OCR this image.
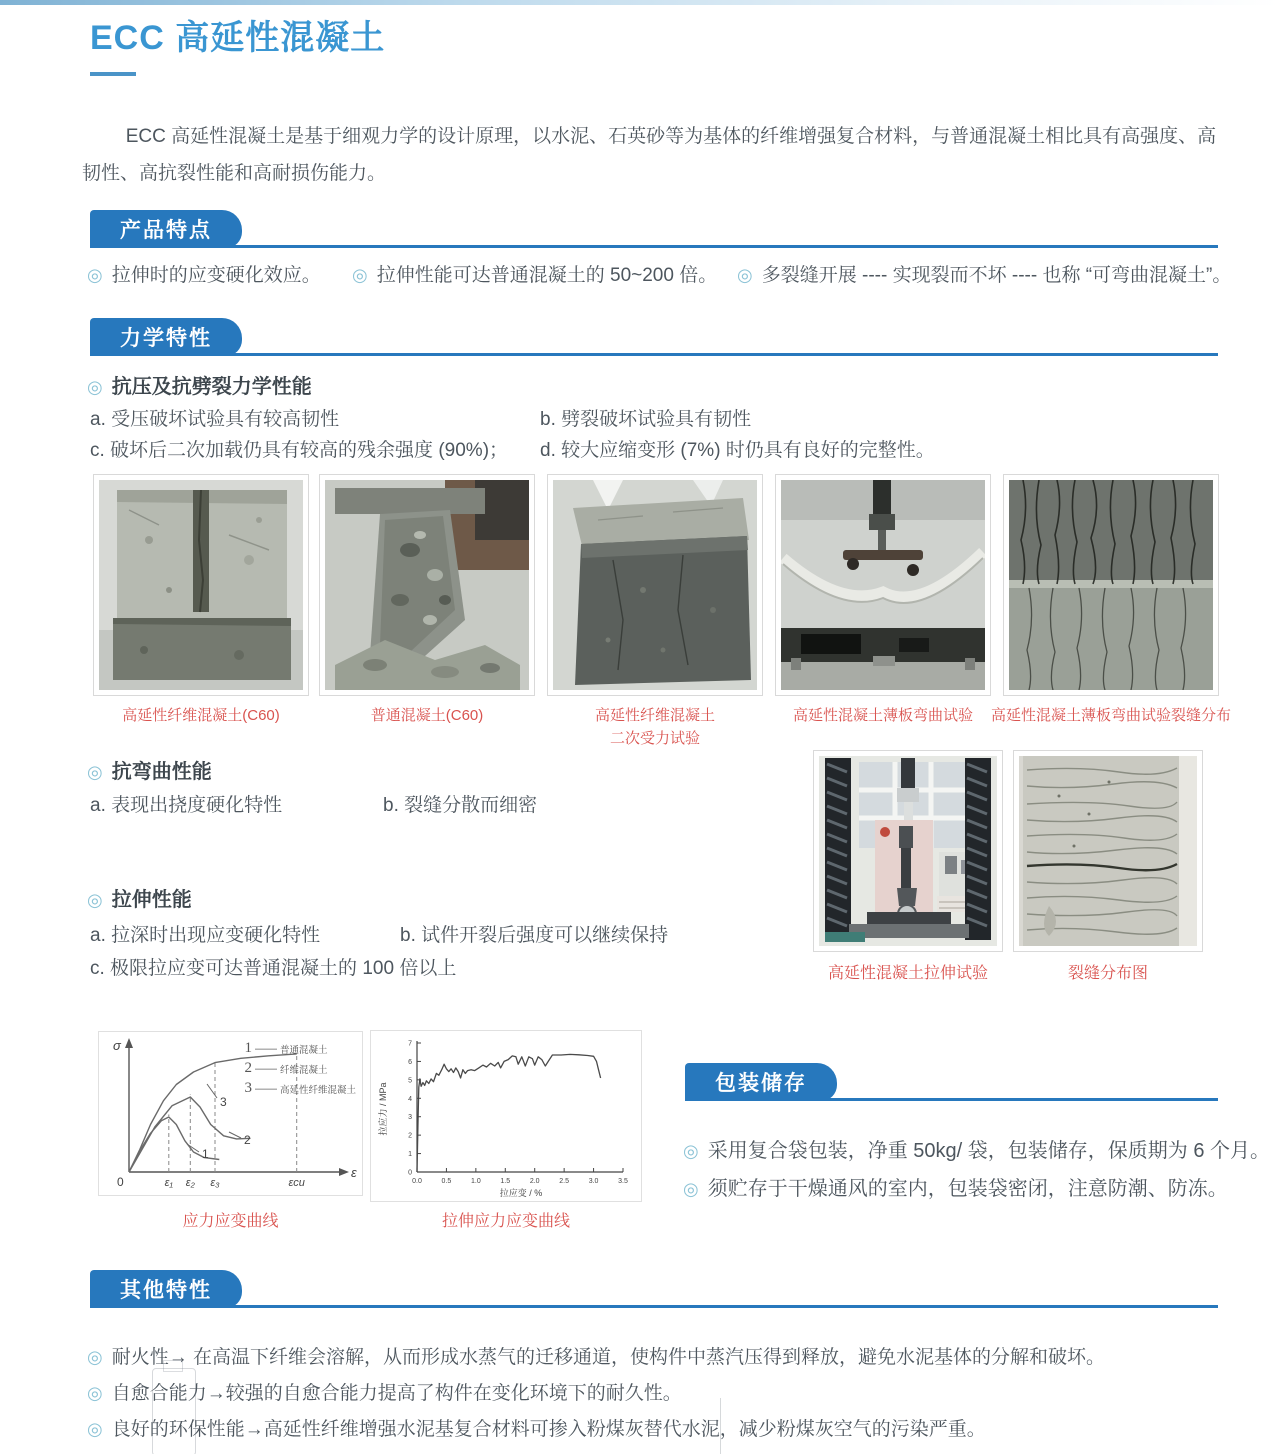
ECC 高延性混凝土
ECC 高延性混凝土是基于细观力学的设计原理，以水泥、石英砂等为基体的纤维增强复合材料，与普通混凝土相比具有高强度、高韧性、高抗裂性能和高耐损伤能力。
产品特点
◎ 拉伸时的应变硬化效应。 ◎ 拉伸性能可达普通混凝土的 50~200 倍。 ◎ 多裂缝开展 ---- 实现裂而不坏 ---- 也称 “可弯曲混凝土”。
力学特性
◎ 抗压及抗劈裂力学性能
a. 受压破坏试验具有较高韧性	b. 劈裂破坏试验具有韧性
c. 破坏后二次加载仍具有较高的残余强度 (90%)； d. 较大应缩变形 (7%) 时仍具有良好的完整性。
高延性纤维混凝土(C60)	普通混凝土(C60)	高延性纤维混凝土
二次受力试验
高延性混凝土薄板弯曲试验	高延性混凝土薄板弯曲试验裂缝分布
◎ 抗弯曲性能
a. 表现出挠度硬化特性	b. 裂缝分散而细密
高延性混凝土拉伸试验	裂缝分布图
◎ 拉伸性能
a. 拉深时出现应变硬化特性	b. 试件开裂后强度可以继续保持
c. 极限拉应变可达普通混凝土的 100 倍以上
σ
ε
0	ε₁ ε₂ ε₃	εcu
1
2
3
1 —— 普通混凝土
2 —— 纤维混凝土
3 —— 高延性纤维混凝土
应力应变曲线
拉应力 / MPa
拉应变 / %
0.0	0.5	1.0	1.5	2.0	2.5	3.0	3.5
0
1
2
3
4
5
6
7
拉伸应力应变曲线
包装储存
◎ 采用复合袋包装，净重 50kg/ 袋，包装储存，保质期为 6 个月。
◎ 须贮存于干燥通风的室内，包装袋密闭，注意防潮、防冻。
其他特性
◎ 耐火性→ 在高温下纤维会溶解，从而形成水蒸气的迁移通道，使构件中蒸汽压得到释放，避免水泥基体的分解和破坏。
◎ 自愈合能力→较强的自愈合能力提高了构件在变化环境下的耐久性。
◎ 良好的环保性能→高延性纤维增强水泥基复合材料可掺入粉煤灰替代水泥，减少粉煤灰空气的污染严重。
